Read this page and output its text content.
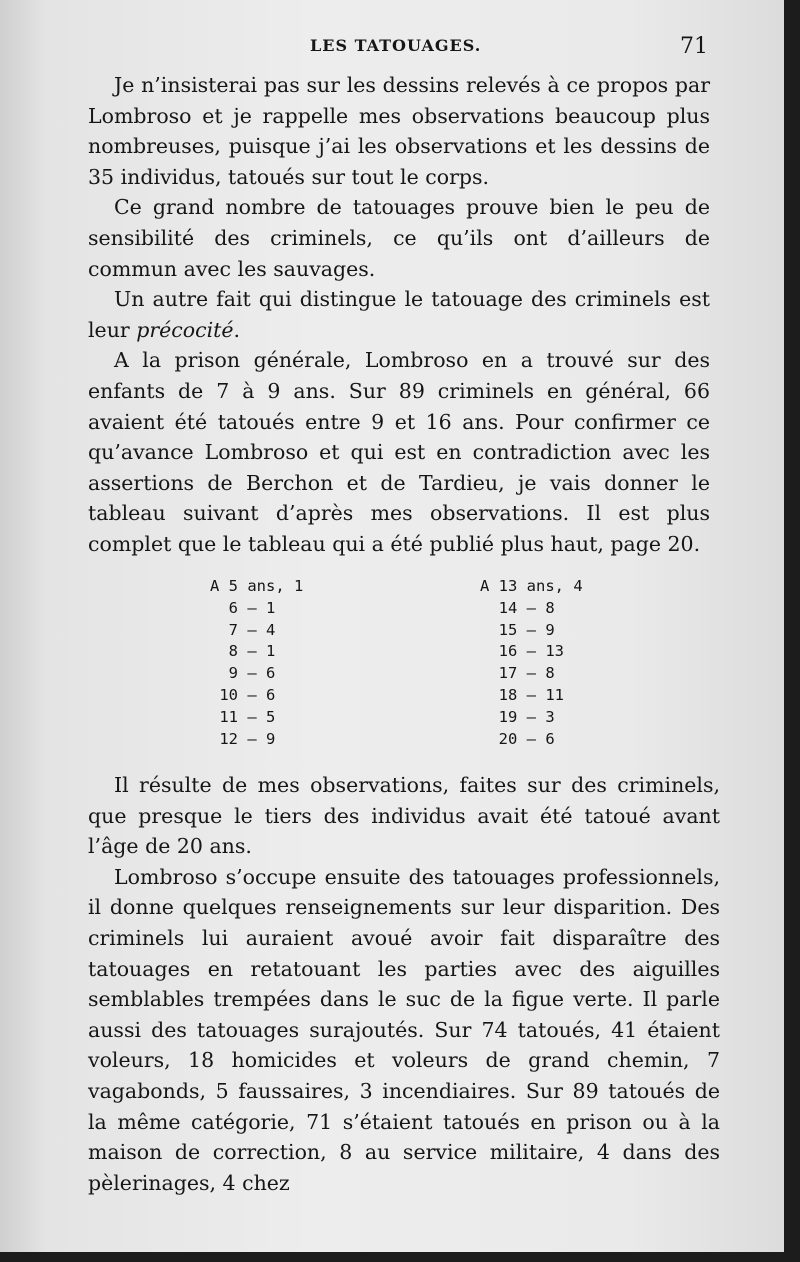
LES TATOUAGES.	71

Je n’insisterai pas sur les dessins relevés à ce propos par Lombroso et je rappelle mes observations beaucoup plus nombreuses, puisque j’ai les observations et les dessins de 35 individus, tatoués sur tout le corps.

Ce grand nombre de tatouages prouve bien le peu de sensibilité des criminels, ce qu’ils ont d’ailleurs de commun avec les sauvages.

Un autre fait qui distingue le tatouage des criminels est leur précocité.

A la prison générale, Lombroso en a trouvé sur des enfants de 7 à 9 ans. Sur 89 criminels en général, 66 avaient été tatoués entre 9 et 16 ans. Pour confirmer ce qu’avance Lombroso et qui est en contradiction avec les assertions de Berchon et de Tardieu, je vais donner le tableau suivant d’après mes observations. Il est plus complet que le tableau qui a été publié plus haut, page 20.

A 5 ans, 1
6 — 1
7 — 4
8 — 1
9 — 6
10 — 6
11 — 5
12 — 9
A 13 ans, 4
14 — 8
15 — 9
16 — 13
17 — 8
18 — 11
19 — 3
20 — 6

Il résulte de mes observations, faites sur des criminels, que presque le tiers des individus avait été tatoué avant l’âge de 20 ans.

Lombroso s’occupe ensuite des tatouages professionnels, il donne quelques renseignements sur leur disparition. Des criminels lui auraient avoué avoir fait disparaître des tatouages en retatouant les parties avec des aiguilles semblables trempées dans le suc de la figue verte. Il parle aussi des tatouages surajoutés. Sur 74 tatoués, 41 étaient voleurs, 18 homicides et voleurs de grand chemin, 7 vagabonds, 5 faussaires, 3 incendiaires. Sur 89 tatoués de la même catégorie, 71 s’étaient tatoués en prison ou à la maison de correction, 8 au service militaire, 4 dans des pèlerinages, 4 chez
